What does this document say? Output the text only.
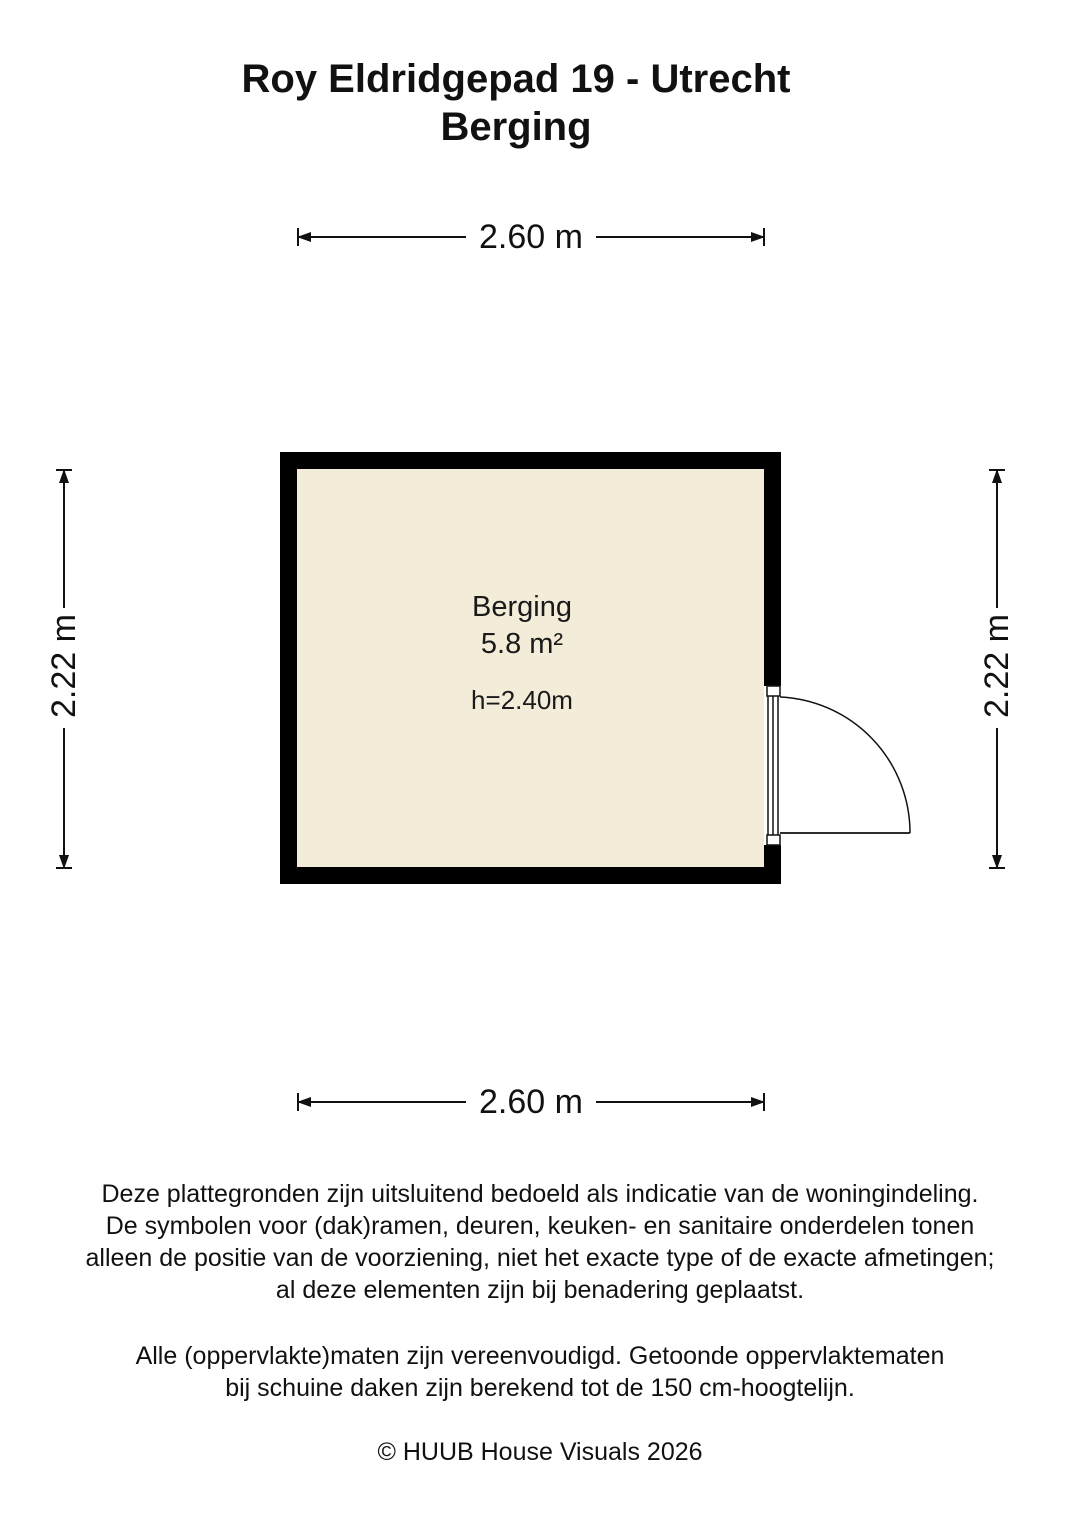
Roy Eldridgepad 19 - Utrecht
Berging
2.60 m
2.60 m
2.22 m	2.22 m
Berging
5.8 m²
h=2.40m
Deze plattegronden zijn uitsluitend bedoeld als indicatie van de woningindeling.
De symbolen voor (dak)ramen, deuren, keuken- en sanitaire onderdelen tonen
alleen de positie van de voorziening, niet het exacte type of de exacte afmetingen;
al deze elementen zijn bij benadering geplaatst.
Alle (oppervlakte)maten zijn vereenvoudigd. Getoonde oppervlaktematen
bij schuine daken zijn berekend tot de 150 cm-hoogtelijn.
© HUUB House Visuals 2026
